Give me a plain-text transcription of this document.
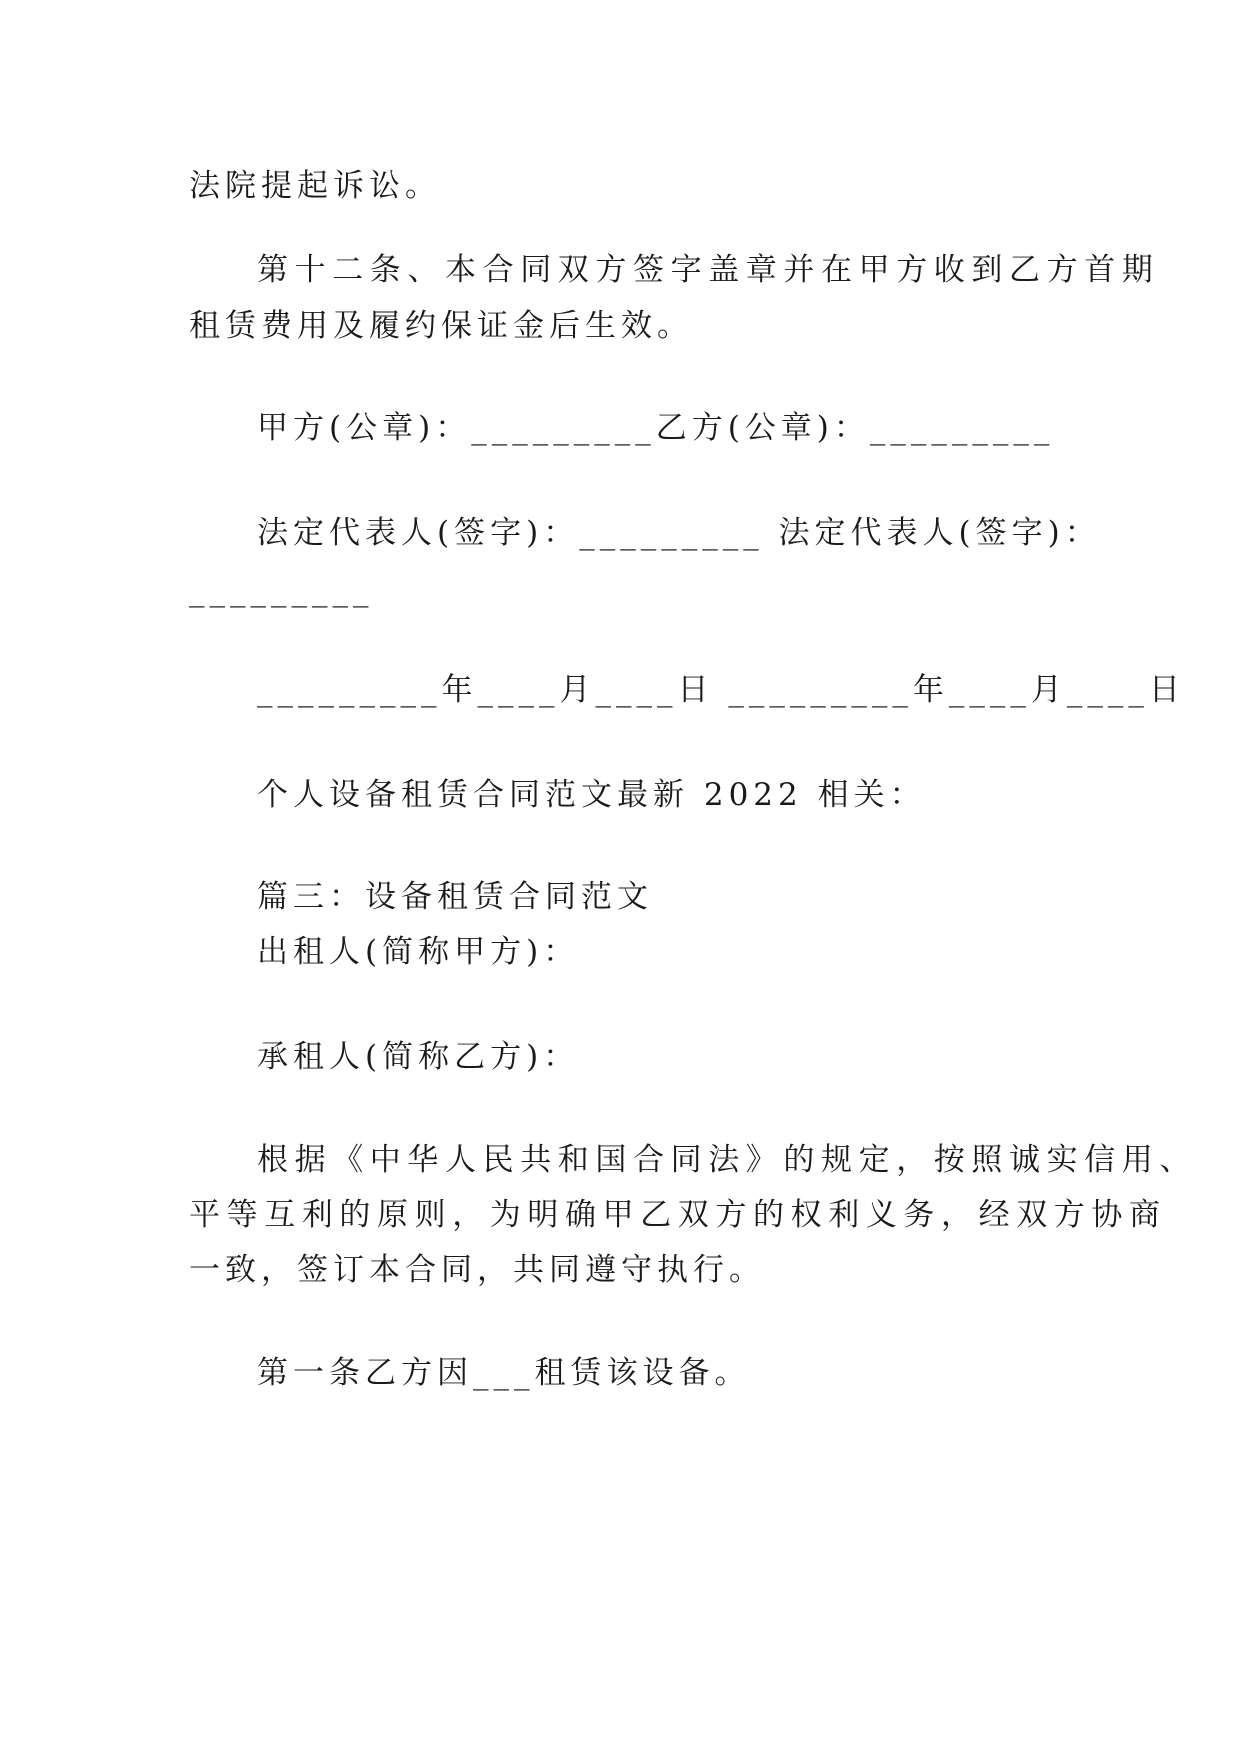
法院提起诉讼。
第十二条、本合同双方签字盖章并在甲方收到乙方首期
租赁费用及履约保证金后生效。
甲方(公章)：_________乙方(公章)：_________
法定代表人(签字)：_________ 法定代表人(签字)：
_________
_________年____月____日 _________年____月____日
个人设备租赁合同范文最新 2022 相关：
篇三：设备租赁合同范文
出租人(简称甲方)：
承租人(简称乙方)：
根据《中华人民共和国合同法》的规定，按照诚实信用、
平等互利的原则，为明确甲乙双方的权利义务，经双方协商
一致，签订本合同，共同遵守执行。
第一条乙方因___租赁该设备。
